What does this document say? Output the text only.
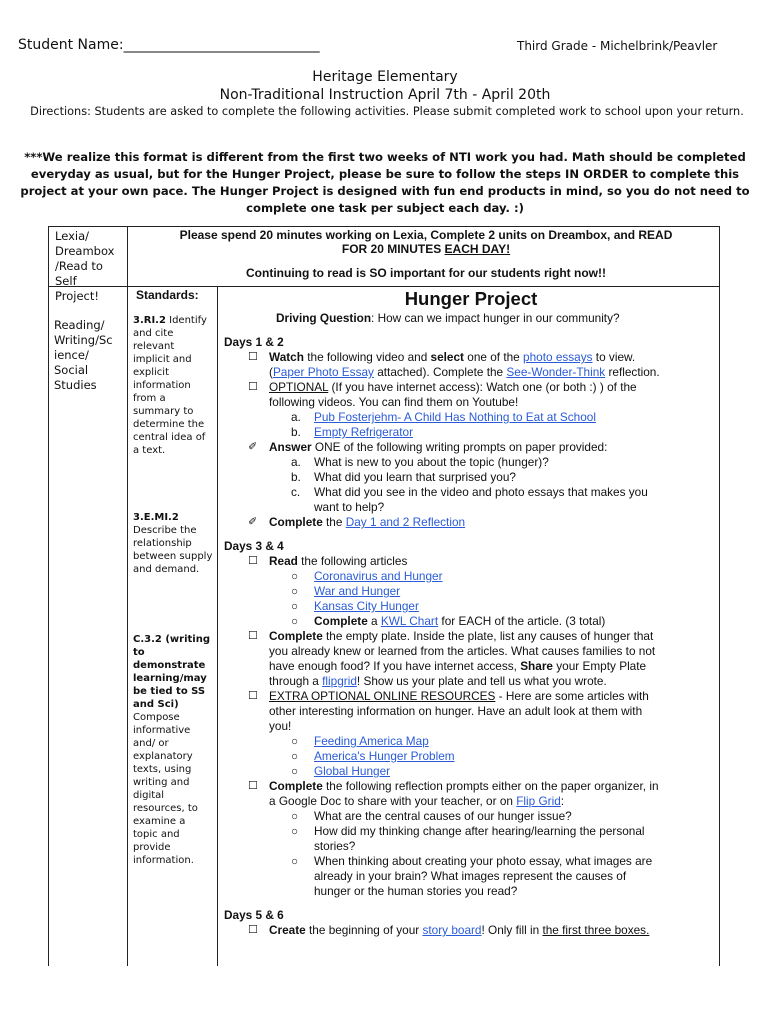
Student Name:____________________________	Third Grade - Michelbrink/Peavler
Heritage Elementary
Non-Traditional Instruction April 7th - April 20th
Directions: Students are asked to complete the following activities. Please submit completed work to school upon your return.
***We realize this format is different from the first two weeks of NTI work you had. Math should be completed everyday as usual, but for the Hunger Project, please be sure to follow the steps IN ORDER to complete this project at your own pace. The Hunger Project is designed with fun end products in mind, so you do not need to complete one task per subject each day. :)
Lexia/
Dreambox
/Read to
Self
Project!
Reading/
Writing/Sc
ience/
Social
Studies
Please spend 20 minutes working on Lexia, Complete 2 units on Dreambox, and READ
FOR 20 MINUTES EACH DAY!
Continuing to read is SO important for our students right now!!
Standards:	Hunger Project
3.RI.2 Identify and cite relevant implicit and explicit information from a summary to determine the central idea of a text.
3.E.MI.2
Describe the relationship between supply and demand.
C.3.2 (writing to demonstrate learning/may be tied to SS and Sci)
Compose informative and/ or explanatory texts, using writing and digital resources, to examine a topic and provide information.
Driving Question: How can we impact hunger in our community?
Days 1 & 2
☐ Watch the following video and select one of the photo essays to view.
(Paper Photo Essay attached). Complete the See-Wonder-Think reflection.
☐ OPTIONAL (If you have internet access): Watch one (or both :) ) of the
following videos. You can find them on Youtube!
a. Pub Fosterjehm- A Child Has Nothing to Eat at School
b. Empty Refrigerator
✐ Answer ONE of the following writing prompts on paper provided:
a. What is new to you about the topic (hunger)?
b. What did you learn that surprised you?
c. What did you see in the video and photo essays that makes you
want to help?
✐ Complete the Day 1 and 2 Reflection
Days 3 & 4
☐ Read the following articles
○ Coronavirus and Hunger
○ War and Hunger
○ Kansas City Hunger
○ Complete a KWL Chart for EACH of the article. (3 total)
☐ Complete the empty plate. Inside the plate, list any causes of hunger that
you already knew or learned from the articles. What causes families to not
have enough food? If you have internet access, Share your Empty Plate
through a flipgrid! Show us your plate and tell us what you wrote.
☐ EXTRA OPTIONAL ONLINE RESOURCES - Here are some articles with
other interesting information on hunger. Have an adult look at them with
you!
○ Feeding America Map
○ America's Hunger Problem
○ Global Hunger
☐ Complete the following reflection prompts either on the paper organizer, in
a Google Doc to share with your teacher, or on Flip Grid:
○ What are the central causes of our hunger issue?
○ How did my thinking change after hearing/learning the personal
stories?
○ When thinking about creating your photo essay, what images are
already in your brain? What images represent the causes of
hunger or the human stories you read?
Days 5 & 6
☐ Create the beginning of your story board! Only fill in the first three boxes.
